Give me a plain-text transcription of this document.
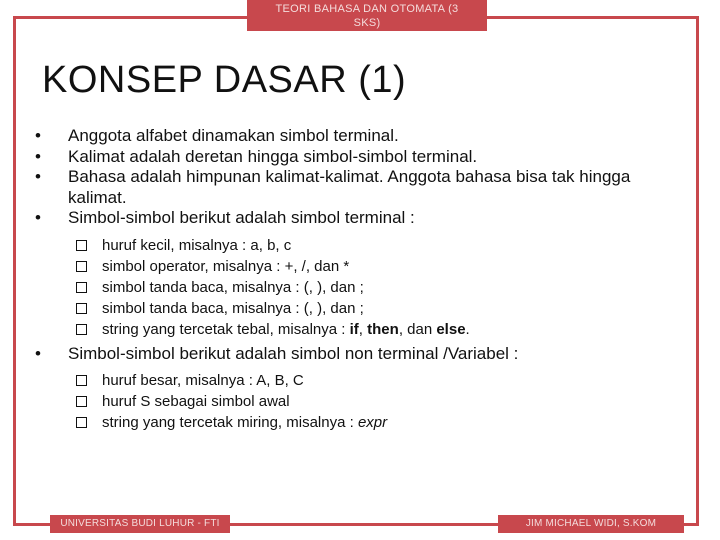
TEORI BAHASA DAN OTOMATA (3
SKS)
KONSEP DASAR (1)
•	Anggota alfabet dinamakan simbol terminal.
•	Kalimat adalah deretan hingga simbol-simbol terminal.
•	Bahasa adalah himpunan kalimat-kalimat. Anggota bahasa bisa tak hingga kalimat.
•	Simbol-simbol berikut adalah simbol terminal :
huruf kecil, misalnya : a, b, c
simbol operator, misalnya : +, /, dan *
simbol tanda baca, misalnya : (, ), dan ;
simbol tanda baca, misalnya : (, ), dan ;
string yang tercetak tebal, misalnya : if, then, dan else.
•	Simbol-simbol berikut adalah simbol non terminal /Variabel :
huruf besar, misalnya : A, B, C
huruf S sebagai simbol awal
string yang tercetak miring, misalnya : expr
UNIVERSITAS BUDI LUHUR - FTI	JIM MICHAEL WIDI, S.KOM
